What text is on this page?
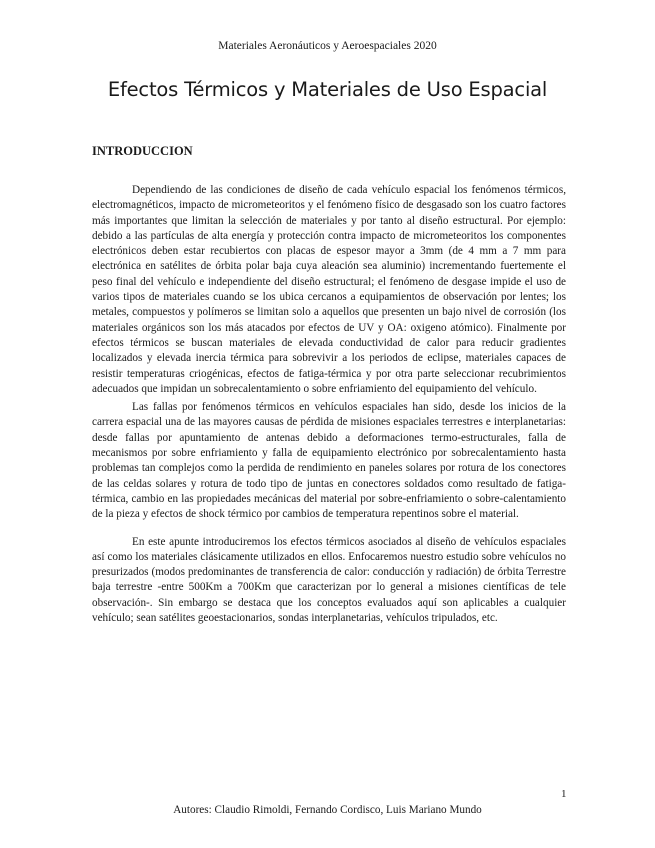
Materiales Aeronáuticos y Aeroespaciales 2020
Efectos Térmicos y Materiales de Uso Espacial
INTRODUCCION

Dependiendo de las condiciones de diseño de cada vehículo espacial los fenómenos térmicos, electromagnéticos, impacto de micrometeoritos y el fenómeno físico de desgasado son los cuatro factores más importantes que limitan la selección de materiales y por tanto al diseño estructural. Por ejemplo: debido a las partículas de alta energía y protección contra impacto de micrometeoritos los componentes electrónicos deben estar recubiertos con placas de espesor mayor a 3mm (de 4 mm a 7 mm para electrónica en satélites de órbita polar baja cuya aleación sea aluminio) incrementando fuertemente el peso final del vehículo e independiente del diseño estructural; el fenómeno de desgase impide el uso de varios tipos de materiales cuando se los ubica cercanos a equipamientos de observación por lentes; los metales, compuestos y polímeros se limitan solo a aquellos que presenten un bajo nivel de corrosión (los materiales orgánicos son los más atacados por efectos de UV y OA: oxigeno atómico). Finalmente por efectos térmicos se buscan materiales de elevada conductividad de calor para reducir gradientes localizados y elevada inercia térmica para sobrevivir a los periodos de eclipse, materiales capaces de resistir temperaturas criogénicas, efectos de fatiga-térmica y por otra parte seleccionar recubrimientos adecuados que impidan un sobrecalentamiento o sobre enfriamiento del equipamiento del vehículo.

Las fallas por fenómenos térmicos en vehículos espaciales han sido, desde los inicios de la carrera espacial una de las mayores causas de pérdida de misiones espaciales terrestres e interplanetarias: desde fallas por apuntamiento de antenas debido a deformaciones termo-estructurales, falla de mecanismos por sobre enfriamiento y falla de equipamiento electrónico por sobrecalentamiento hasta problemas tan complejos como la perdida de rendimiento en paneles solares por rotura de los conectores de las celdas solares y rotura de todo tipo de juntas en conectores soldados como resultado de fatiga-térmica, cambio en las propiedades mecánicas del material por sobre-enfriamiento o sobre-calentamiento de la pieza y efectos de shock térmico por cambios de temperatura repentinos sobre el material.

En este apunte introduciremos los efectos térmicos asociados al diseño de vehículos espaciales así como los materiales clásicamente utilizados en ellos. Enfocaremos nuestro estudio sobre vehículos no presurizados (modos predominantes de transferencia de calor: conducción y radiación) de órbita Terrestre baja terrestre -entre 500Km a 700Km que caracterizan por lo general a misiones científicas de tele observación-. Sin embargo se destaca que los conceptos evaluados aquí son aplicables a cualquier vehículo; sean satélites geoestacionarios, sondas interplanetarias, vehículos tripulados, etc.

1
Autores: Claudio Rimoldi, Fernando Cordisco, Luis Mariano Mundo
